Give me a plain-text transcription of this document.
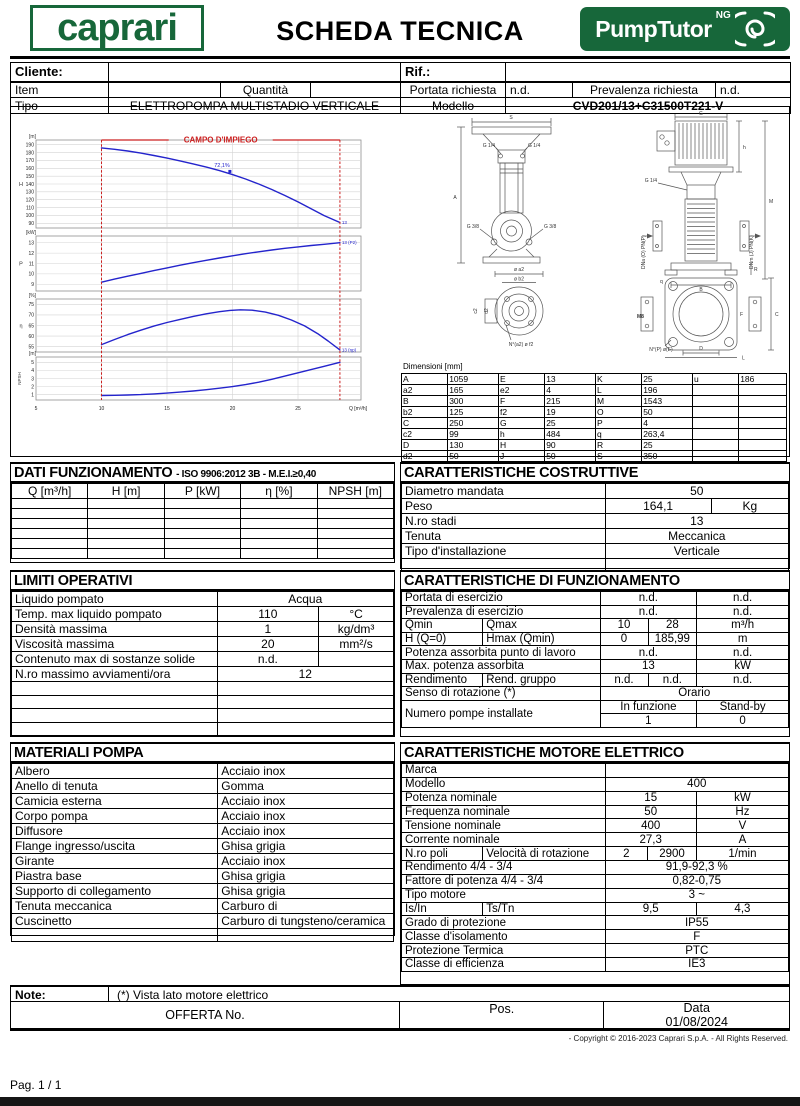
caprari	SCHEDA TECNICA	PumpTutor NG
Cliente:				Rif.:			
Item		Quantità		Portata richiesta	n.d.	Prevalenza richiesta	n.d.
Tipo	ELETTROPOMPA MULTISTADIO VERTICALE			Modello	CVD201/13+C31500T221-V		
90
100
110
120
130
140
150
160
170
180
190
[m]
H
13
72,1%
9
10
11
12
13
[kW]
P
13 (P2)
55
60
65
70
75
[%]
η
13 (ηp)
1
2
3
4
5
[m]
NPSH
CAMPO D'IMPIEGO
5	10	15	20	25	Q [m³/h]
S
G 1/4	G 1/4
G 3/8	G 3/8
A
G
h
M
G 1/4
DNa (O) PN(P)	DNm (J) PN(K)
q
B
R
ø a2
ø b2
c2 d2
N°(a2) ø f2
M8
N°(P) ø(E)
C
F
D
L
Dimensioni [mm]
A	1059	E	13	K	25	u	186
a2	165	e2	4	L	196		
B	300	F	215	M	1543		
b2	125	f2	19	O	50		
C	250	G	25	P	4		
c2	99	h	484	q	263,4		
D	130	H	90	R	25		
d2	50	J	50	S	350		
DATI FUNZIONAMENTO - ISO 9906:2012 3B - M.E.I.≥0,40
Q [m³/h]	H [m]	P [kW]	η [%]	NPSH [m]

CARATTERISTICHE COSTRUTTIVE
Diametro mandata	50	
Peso	164,1	Kg
N.ro stadi	13	
Tenuta	Meccanica	
Tipo d'installazione	Verticale	

LIMITI OPERATIVI
Liquido pompato	Acqua	
Temp. max liquido pompato	110	°C
Densità massima	1	kg/dm³
Viscosità massima	20	mm²/s
Contenuto max di sostanze solide	n.d.	
N.ro massimo avviamenti/ora	12	

CARATTERISTICHE DI FUNZIONAMENTO
Portata di esercizio		n.d.		n.d.
Prevalenza di esercizio		n.d.		n.d.
Qmin	Qmax	10	28	m³/h
H (Q=0)	Hmax (Qmin)	0	185,99	m
Potenza assorbita punto di lavoro		n.d.		n.d.
Max. potenza assorbita		13		kW
Rendimento	Rend. gruppo	n.d.	n.d.	n.d.
Senso di rotazione (*)		Orario		
Numero pompe installate		In funzione		Stand-by
		1		0
MATERIALI POMPA
Albero	Acciaio inox
Anello di tenuta	Gomma
Camicia esterna	Acciaio inox
Corpo pompa	Acciaio inox
Diffusore	Acciaio inox
Flange ingresso/uscita	Ghisa grigia
Girante	Acciaio inox
Piastra base	Ghisa grigia
Supporto di collegamento	Ghisa grigia
Tenuta meccanica	Carburo di
Cuscinetto	Carburo di tungsteno/ceramica

CARATTERISTICHE MOTORE ELETTRICO
Marca				
Modello		400		
Potenza nominale		15		kW
Frequenza nominale		50		Hz
Tensione nominale		400		V
Corrente nominale		27,3		A
N.ro poli	Velocità di rotazione	2	2900	1/min
Rendimento 4/4 - 3/4		91,9-92,3 %		
Fattore di potenza 4/4 - 3/4		0,82-0,75		
Tipo motore		3 ~		
Is/In	Ts/Tn	9,5		4,3
Grado di protezione		IP55		
Classe d'isolamento		F		
Protezione Termica		PTC		
Classe di efficienza		IE3		
Note:	(*) Vista lato motore elettrico
OFFERTA No.	Pos.	Data
01/08/2024
- Copyright © 2016-2023 Caprari S.p.A. - All Rights Reserved.
Pag. 1 / 1
